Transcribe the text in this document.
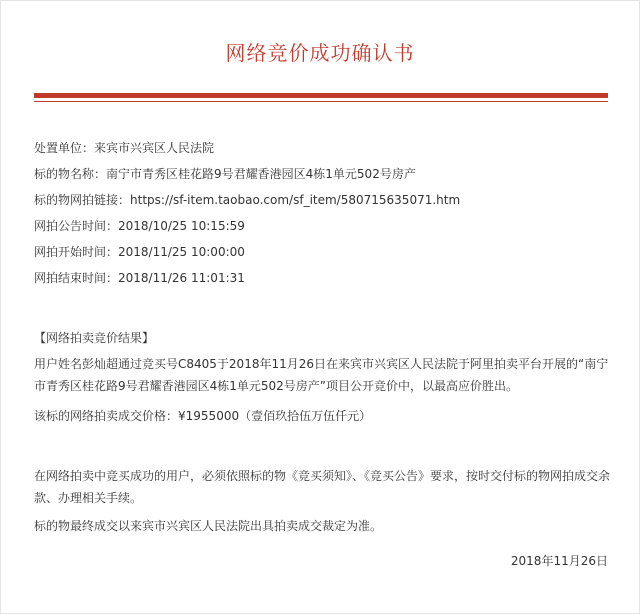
网络竞价成功确认书
处置单位：来宾市兴宾区人民法院
标的物名称：南宁市青秀区桂花路9号君耀香港园区4栋1单元502号房产
标的物网拍链接：https://sf-item.taobao.com/sf_item/580715635071.htm
网拍公告时间：2018/10/25 10:15:59
网拍开始时间：2018/11/25 10:00:00
网拍结束时间：2018/11/26 11:01:31
【网络拍卖竞价结果】
用户姓名彭灿超通过竞买号C8405于2018年11月26日在来宾市兴宾区人民法院于阿里拍卖平台开展的“南宁市青秀区桂花路9号君耀香港园区4栋1单元502号房产”项目公开竞价中，以最高应价胜出。
该标的网络拍卖成交价格：¥1955000（壹佰玖拾伍万伍仟元）
在网络拍卖中竞买成功的用户，必须依照标的物《竞买须知》、《竞买公告》要求，按时交付标的物网拍成交余款、办理相关手续。
标的物最终成交以来宾市兴宾区人民法院出具拍卖成交裁定为准。
2018年11月26日
